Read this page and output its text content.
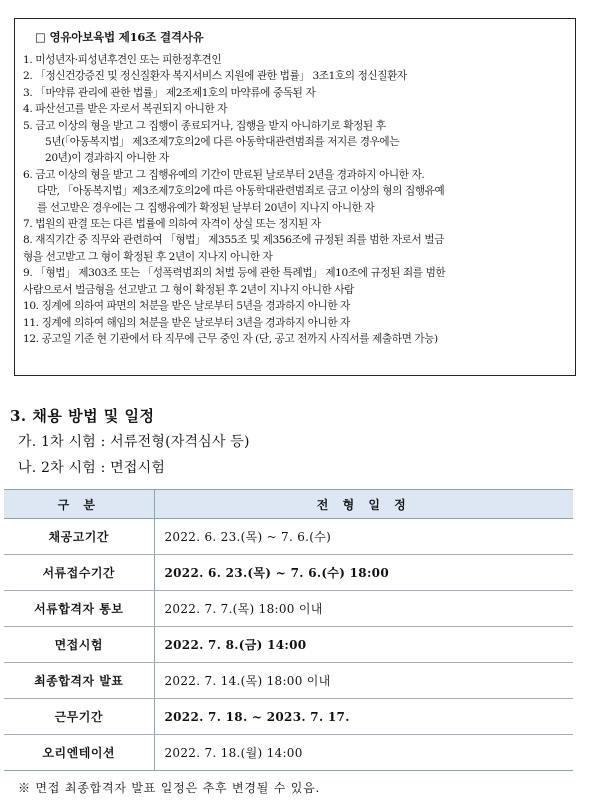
□ 영유아보육법 제16조 결격사유
1. 미성년자·피성년후견인 또는 피한정후견인
2. 「정신건강증진 및 정신질환자 복지서비스 지원에 관한 법률」 3조1호의 정신질환자
3. 「마약류 관리에 관한 법률」 제2조제1호의 마약류에 중독된 자
4. 파산선고를 받은 자로서 복권되지 아니한 자
5. 금고 이상의 형을 받고 그 집행이 종료되거나, 집행을 받지 아니하기로 확정된 후
5년(「아동복지법」 제3조제7호의2에 다른 아동학대관련범죄를 저지른 경우에는
20년)이 경과하지 아니한 자
6. 금고 이상의 형을 받고 그 집행유예의 기간이 만료된 날로부터 2년을 경과하지 아니한 자.
다만, 「아동복지법」제3조제7호의2에 따른 아동학대관련범죄로 금고 이상의 형의 집행유예
를 선고받은 경우에는 그 집행유예가 확정된 날부터 20년이 지나지 아니한 자
7. 법원의 판결 또는 다른 법률에 의하여 자격이 상실 또는 정지된 자
8. 재직기간 중 직무와 관련하여 「형법」 제355조 및 제356조에 규정된 죄를 범한 자로서 벌금
형을 선고받고 그 형이 확정된 후 2년이 지나지 아니한 자
9. 「형법」 제303조 또는 「성폭력범죄의 처벌 등에 관한 특례법」 제10조에 규정된 죄를 범한
사람으로서 벌금형을 선고받고 그 형이 확정된 후 2년이 지나지 아니한 사람
10. 징계에 의하여 파면의 처분을 받은 날로부터 5년을 경과하지 아니한 자
11. 징계에 의하여 해임의 처분을 받은 날로부터 3년을 경과하지 아니한 자
12. 공고일 기준 현 기관에서 타 직무에 근무 중인 자 (단, 공고 전까지 사직서를 제출하면 가능)
3. 채용 방법 및 일정
가. 1차 시험 : 서류전형(자격심사 등)
나. 2차 시험 : 면접시험
구 분	전 형 일 정
채공고기간	2022. 6. 23.(목) ~ 7. 6.(수)
서류접수기간	2022. 6. 23.(목) ~ 7. 6.(수) 18:00
서류합격자 통보	2022. 7. 7.(목) 18:00 이내
면접시험	2022. 7. 8.(금) 14:00
최종합격자 발표	2022. 7. 14.(목) 18:00 이내
근무기간	2022. 7. 18. ~ 2023. 7. 17.
오리엔테이션	2022. 7. 18.(월) 14:00
※ 면접 최종합격자 발표 일정은 추후 변경될 수 있음.
